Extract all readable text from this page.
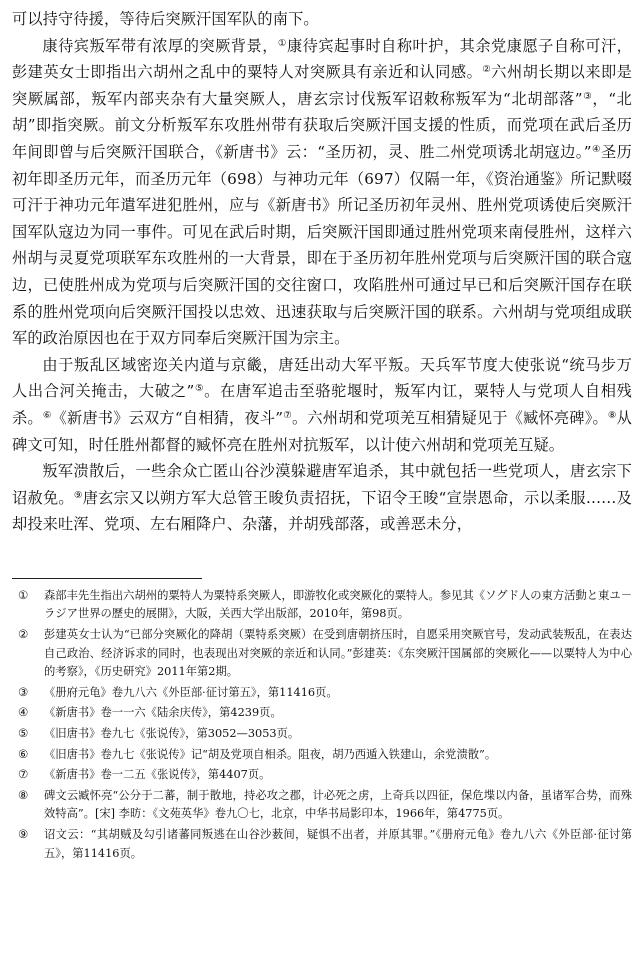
可以持守待援，等待后突厥汗国军队的南下。

康待宾叛军带有浓厚的突厥背景，①康待宾起事时自称叶护，其余党康愿子自称可汗，彭建英女士即指出六胡州之乱中的粟特人对突厥具有亲近和认同感。②六州胡长期以来即是突厥属部，叛军内部夹杂有大量突厥人，唐玄宗讨伐叛军诏敕称叛军为“北胡部落”③，“北胡”即指突厥。前文分析叛军东攻胜州带有获取后突厥汗国支援的性质，而党项在武后圣历年间即曾与后突厥汗国联合，《新唐书》云：“圣历初，灵、胜二州党项诱北胡寇边。”④圣历初年即圣历元年，而圣历元年（698）与神功元年（697）仅隔一年，《资治通鉴》所记默啜可汗于神功元年遣军进犯胜州，应与《新唐书》所记圣历初年灵州、胜州党项诱使后突厥汗国军队寇边为同一事件。可见在武后时期，后突厥汗国即通过胜州党项来南侵胜州，这样六州胡与灵夏党项联军东攻胜州的一大背景，即在于圣历初年胜州党项与后突厥汗国的联合寇边，已使胜州成为党项与后突厥汗国的交往窗口，攻陷胜州可通过早已和后突厥汗国存在联系的胜州党项向后突厥汗国投以忠效、迅速获取与后突厥汗国的联系。六州胡与党项组成联军的政治原因也在于双方同奉后突厥汗国为宗主。

由于叛乱区域密迩关内道与京畿，唐廷出动大军平叛。天兵军节度大使张说“统马步万人出合河关掩击，大破之”⑤。在唐军追击至骆驼堰时，叛军内讧，粟特人与党项人自相残杀。⑥《新唐书》云双方“自相猜，夜斗”⑦。六州胡和党项羌互相猜疑见于《臧怀亮碑》。⑧从碑文可知，时任胜州都督的臧怀亮在胜州对抗叛军，以计使六州胡和党项羌互疑。

叛军溃散后，一些余众亡匿山谷沙漠躲避唐军追杀，其中就包括一些党项人，唐玄宗下诏赦免。⑨唐玄宗又以朔方军大总管王晙负责招抚，下诏令王晙“宣崇恩命，示以柔服……及却投来吐浑、党项、左右厢降户、杂藩，并胡残部落，或善恶未分，

①	森部丰先生指出六胡州的粟特人为粟特系突厥人，即游牧化或突厥化的粟特人。参见其《ソグド人の東方活動と東ユ－ラジア世界の歷史的展開》，大阪，关西大学出版部，2010年，第98页。
②	彭建英女士认为“已部分突厥化的降胡（粟特系突厥）在受到唐朝挤压时，自愿采用突厥官号，发动武装叛乱，在表达自己政治、经济诉求的同时，也表现出对突厥的亲近和认同。”彭建英：《东突厥汗国属部的突厥化——以粟特人为中心的考察》，《历史研究》2011年第2期。
③	《册府元龟》卷九八六《外臣部·征讨第五》，第11416页。
④	《新唐书》卷一一六《陆余庆传》，第4239页。
⑤	《旧唐书》卷九七《张说传》，第3052—3053页。
⑥	《旧唐书》卷九七《张说传》记“胡及党项自相杀。阻夜，胡乃西遁入铁建山，余党溃散”。
⑦	《新唐书》卷一二五《张说传》，第4407页。
⑧	碑文云臧怀亮“公分于二蕃，制于散地，持必攻之郡，计必死之虏，上奇兵以四征，保危堞以内备，虽诸军合势，而殊效特高”。[宋] 李昉：《文苑英华》卷九〇七，北京，中华书局影印本，1966年，第4775页。
⑨	诏文云：“其胡贼及勾引诸蕃同叛逃在山谷沙薮间，疑惧不出者，并原其罪。”《册府元龟》卷九八六《外臣部·征讨第五》，第11416页。
